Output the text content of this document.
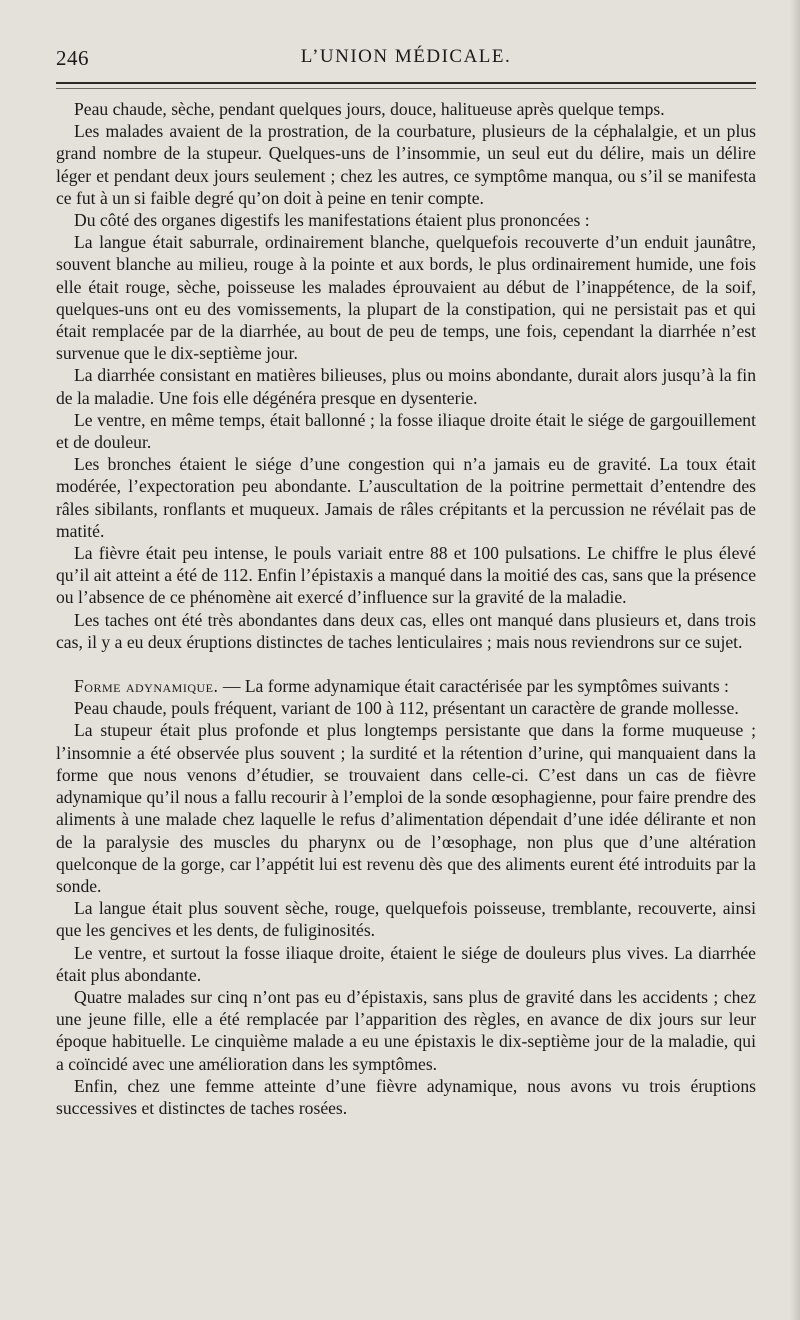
246	L’UNION MÉDICALE.

Peau chaude, sèche, pendant quelques jours, douce, halitueuse après quelque temps.

Les malades avaient de la prostration, de la courbature, plusieurs de la céphalalgie, et un plus grand nombre de la stupeur. Quelques-uns de l’insommie, un seul eut du délire, mais un délire léger et pendant deux jours seulement ; chez les autres, ce symptôme manqua, ou s’il se manifesta ce fut à un si faible degré qu’on doit à peine en tenir compte.

Du côté des organes digestifs les manifestations étaient plus prononcées :

La langue était saburrale, ordinairement blanche, quelquefois recouverte d’un enduit jaunâtre, souvent blanche au milieu, rouge à la pointe et aux bords, le plus ordinairement humide, une fois elle était rouge, sèche, poisseuse les malades éprouvaient au début de l’inappétence, de la soif, quelques-uns ont eu des vomissements, la plupart de la constipation, qui ne persistait pas et qui était remplacée par de la diarrhée, au bout de peu de temps, une fois, cependant la diarrhée n’est survenue que le dix-septième jour.

La diarrhée consistant en matières bilieuses, plus ou moins abondante, durait alors jusqu’à la fin de la maladie. Une fois elle dégénéra presque en dysenterie.

Le ventre, en même temps, était ballonné ; la fosse iliaque droite était le siége de gargouillement et de douleur.

Les bronches étaient le siége d’une congestion qui n’a jamais eu de gravité. La toux était modérée, l’expectoration peu abondante. L’auscultation de la poitrine permettait d’entendre des râles sibilants, ronflants et muqueux. Jamais de râles crépitants et la percussion ne révélait pas de matité.

La fièvre était peu intense, le pouls variait entre 88 et 100 pulsations. Le chiffre le plus élevé qu’il ait atteint a été de 112. Enfin l’épistaxis a manqué dans la moitié des cas, sans que la présence ou l’absence de ce phénomène ait exercé d’influence sur la gravité de la maladie.

Les taches ont été très abondantes dans deux cas, elles ont manqué dans plusieurs et, dans trois cas, il y a eu deux éruptions distinctes de taches lenticulaires ; mais nous reviendrons sur ce sujet.

Forme adynamique. — La forme adynamique était caractérisée par les symptômes suivants :

Peau chaude, pouls fréquent, variant de 100 à 112, présentant un caractère de grande mollesse.

La stupeur était plus profonde et plus longtemps persistante que dans la forme muqueuse ; l’insomnie a été observée plus souvent ; la surdité et la rétention d’urine, qui manquaient dans la forme que nous venons d’étudier, se trouvaient dans celle-ci. C’est dans un cas de fièvre adynamique qu’il nous a fallu recourir à l’emploi de la sonde œsophagienne, pour faire prendre des aliments à une malade chez laquelle le refus d’alimentation dépendait d’une idée délirante et non de la paralysie des muscles du pharynx ou de l’œsophage, non plus que d’une altération quelconque de la gorge, car l’appétit lui est revenu dès que des aliments eurent été introduits par la sonde.

La langue était plus souvent sèche, rouge, quelquefois poisseuse, tremblante, recouverte, ainsi que les gencives et les dents, de fuliginosités.

Le ventre, et surtout la fosse iliaque droite, étaient le siége de douleurs plus vives. La diarrhée était plus abondante.

Quatre malades sur cinq n’ont pas eu d’épistaxis, sans plus de gravité dans les accidents ; chez une jeune fille, elle a été remplacée par l’apparition des règles, en avance de dix jours sur leur époque habituelle. Le cinquième malade a eu une épistaxis le dix-septième jour de la maladie, qui a coïncidé avec une amélioration dans les symptômes.

Enfin, chez une femme atteinte d’une fièvre adynamique, nous avons vu trois éruptions successives et distinctes de taches rosées.
